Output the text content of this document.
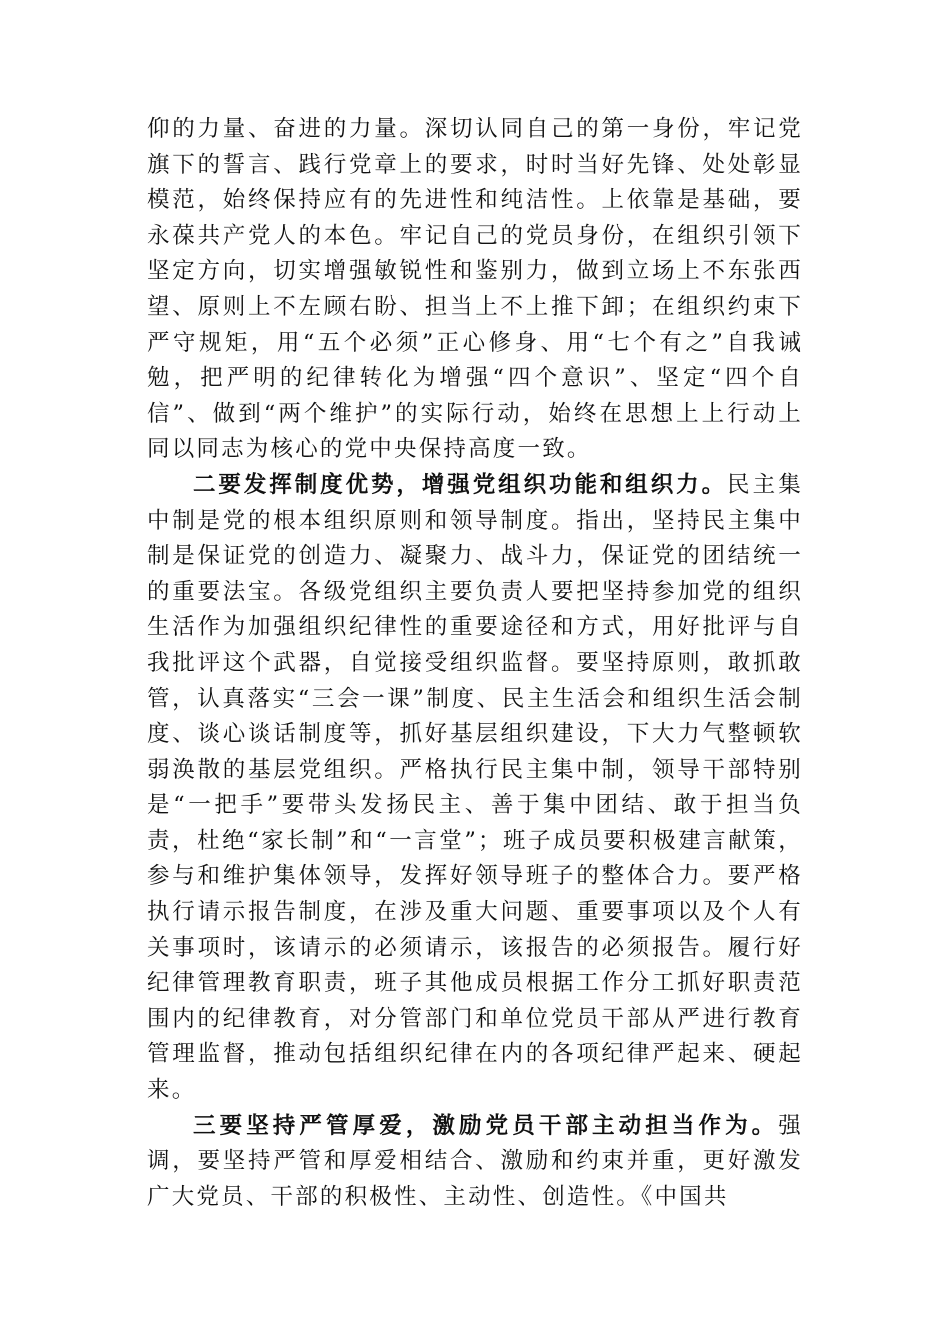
仰的力量、奋进的力量。深切认同自己的第一身份，牢记党旗下的誓言、践行党章上的要求，时时当好先锋、处处彰显模范，始终保持应有的先进性和纯洁性。上依靠是基础，要永葆共产党人的本色。牢记自己的党员身份，在组织引领下坚定方向，切实增强敏锐性和鉴别力，做到立场上不东张西望、原则上不左顾右盼、担当上不上推下卸；在组织约束下严守规矩，用“五个必须”正心修身、用“七个有之”自我诫勉，把严明的纪律转化为增强“四个意识”、坚定“四个自信”、做到“两个维护”的实际行动，始终在思想上上行动上同以同志为核心的党中央保持高度一致。

二要发挥制度优势，增强党组织功能和组织力。民主集中制是党的根本组织原则和领导制度。指出，坚持民主集中制是保证党的创造力、凝聚力、战斗力，保证党的团结统一的重要法宝。各级党组织主要负责人要把坚持参加党的组织生活作为加强组织纪律性的重要途径和方式，用好批评与自我批评这个武器，自觉接受组织监督。要坚持原则，敢抓敢管，认真落实“三会一课”制度、民主生活会和组织生活会制度、谈心谈话制度等，抓好基层组织建设，下大力气整顿软弱涣散的基层党组织。严格执行民主集中制，领导干部特别是“一把手”要带头发扬民主、善于集中团结、敢于担当负责，杜绝“家长制”和“一言堂”；班子成员要积极建言献策，参与和维护集体领导，发挥好领导班子的整体合力。要严格执行请示报告制度，在涉及重大问题、重要事项以及个人有关事项时，该请示的必须请示，该报告的必须报告。履行好纪律管理教育职责，班子其他成员根据工作分工抓好职责范围内的纪律教育，对分管部门和单位党员干部从严进行教育管理监督，推动包括组织纪律在内的各项纪律严起来、硬起来。

三要坚持严管厚爱，激励党员干部主动担当作为。强调，要坚持严管和厚爱相结合、激励和约束并重，更好激发广大党员、干部的积极性、主动性、创造性。《中国共
